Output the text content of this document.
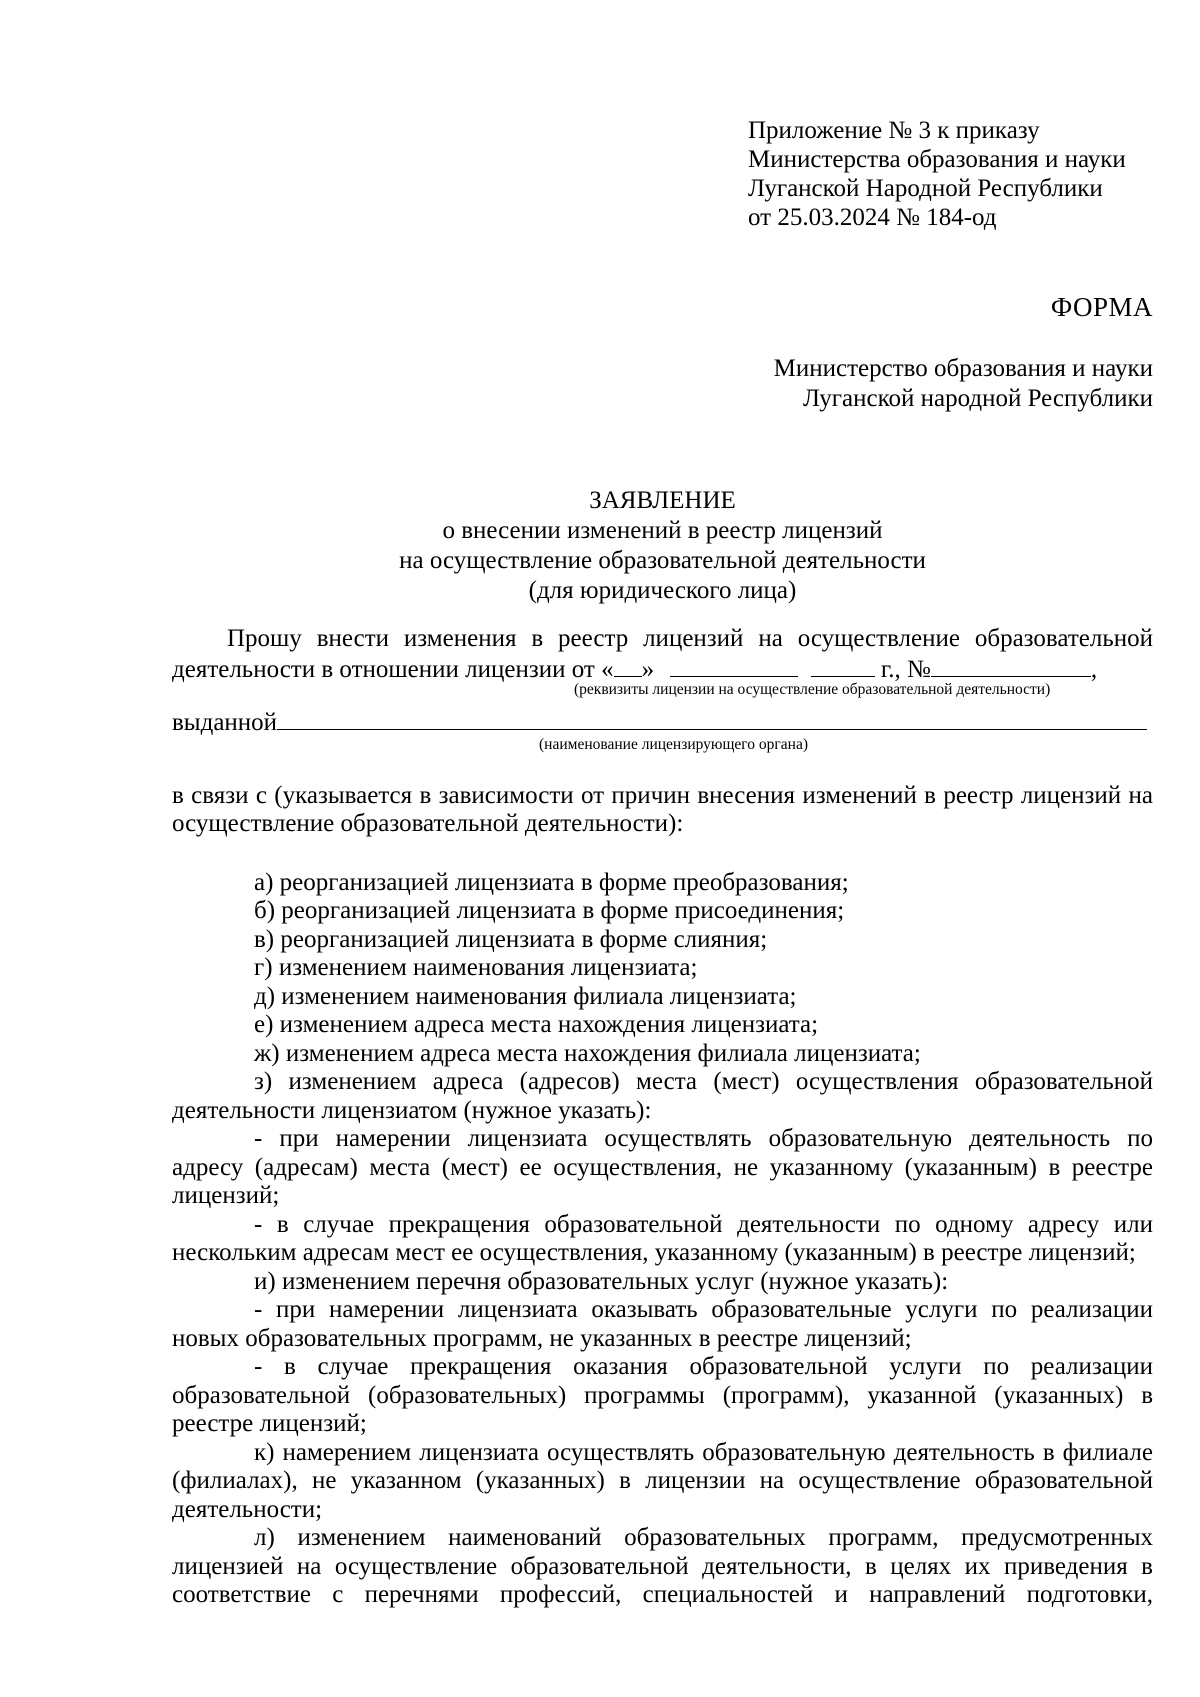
Приложение № 3 к приказу
Министерства образования и науки
Луганской Народной Республики
от 25.03.2024 № 184-од
ФОРМА
Министерство образования и науки
Луганской народной Республики
ЗАЯВЛЕНИЕ
о внесении изменений в реестр лицензий
на осуществление образовательной деятельности
(для юридического лица)

Прошу внести изменения в реестр лицензий на осуществление образовательной

деятельности в отношении лицензии от « »	г., №	,
(реквизиты лицензии на осуществление образовательной деятельности)
выданной
(наименование лицензирующего органа)

в связи с (указывается в зависимости от причин внесения изменений в реестр лицензий на осуществление образовательной деятельности):

а) реорганизацией лицензиата в форме преобразования;

б) реорганизацией лицензиата в форме присоединения;

в) реорганизацией лицензиата в форме слияния;

г) изменением наименования лицензиата;

д) изменением наименования филиала лицензиата;

е) изменением адреса места нахождения лицензиата;

ж) изменением адреса места нахождения филиала лицензиата;

з) изменением адреса (адресов) места (мест) осуществления образовательной деятельности лицензиатом (нужное указать):

- при намерении лицензиата осуществлять образовательную деятельность по адресу (адресам) места (мест) ее осуществления, не указанному (указанным) в реестре лицензий;

- в случае прекращения образовательной деятельности по одному адресу или нескольким адресам мест ее осуществления, указанному (указанным) в реестре лицензий;

и) изменением перечня образовательных услуг (нужное указать):

- при намерении лицензиата оказывать образовательные услуги по реализации новых образовательных программ, не указанных в реестре лицензий;

- в случае прекращения оказания образовательной услуги по реализации образовательной (образовательных) программы (программ), указанной (указанных) в реестре лицензий;

к) намерением лицензиата осуществлять образовательную деятельность в филиале (филиалах), не указанном (указанных) в лицензии на осуществление образовательной деятельности;

л) изменением наименований образовательных программ, предусмотренных лицензией на осуществление образовательной деятельности, в целях их приведения в соответствие с перечнями профессий, специальностей и направлений подготовки,
